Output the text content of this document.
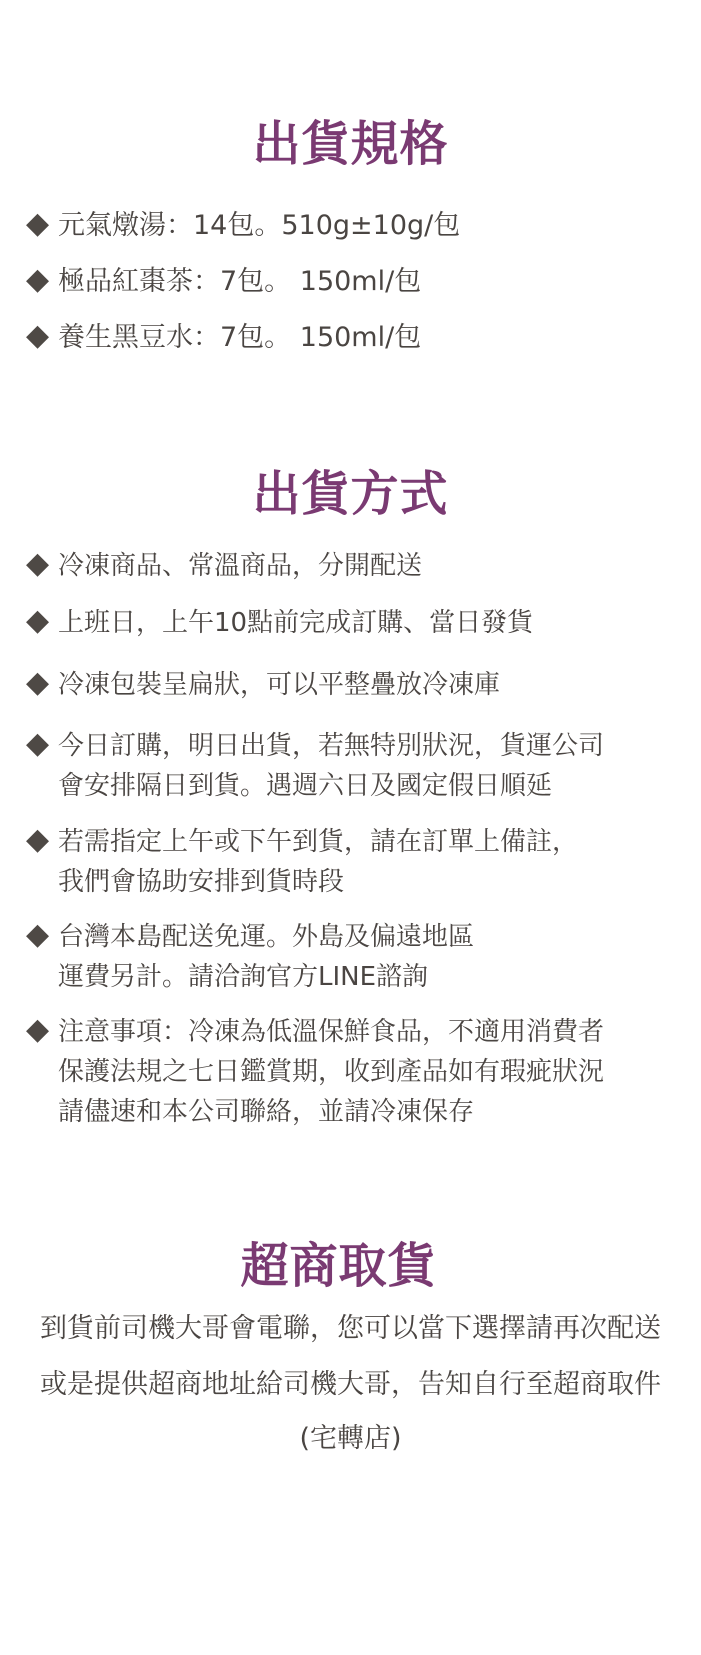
出貨規格
◆ 元氣燉湯：14包。510g±10g/包
◆ 極品紅棗茶：7包。 150ml/包
◆ 養生黑豆水：7包。 150ml/包
出貨方式
◆ 冷凍商品、常溫商品，分開配送
◆ 上班日，上午10點前完成訂購、當日發貨
◆ 冷凍包裝呈扁狀，可以平整疊放冷凍庫
◆ 今日訂購，明日出貨，若無特別狀況，貨運公司
會安排隔日到貨。遇週六日及國定假日順延
◆ 若需指定上午或下午到貨，請在訂單上備註，
我們會協助安排到貨時段
◆ 台灣本島配送免運。外島及偏遠地區
運費另計。請洽詢官方LINE諮詢
◆ 注意事項：冷凍為低溫保鮮食品，不適用消費者
保護法規之七日鑑賞期，收到產品如有瑕疵狀況
請儘速和本公司聯絡，並請冷凍保存
超商取貨

到貨前司機大哥會電聯，您可以當下選擇請再次配送

或是提供超商地址給司機大哥，告知自行至超商取件

(宅轉店)
